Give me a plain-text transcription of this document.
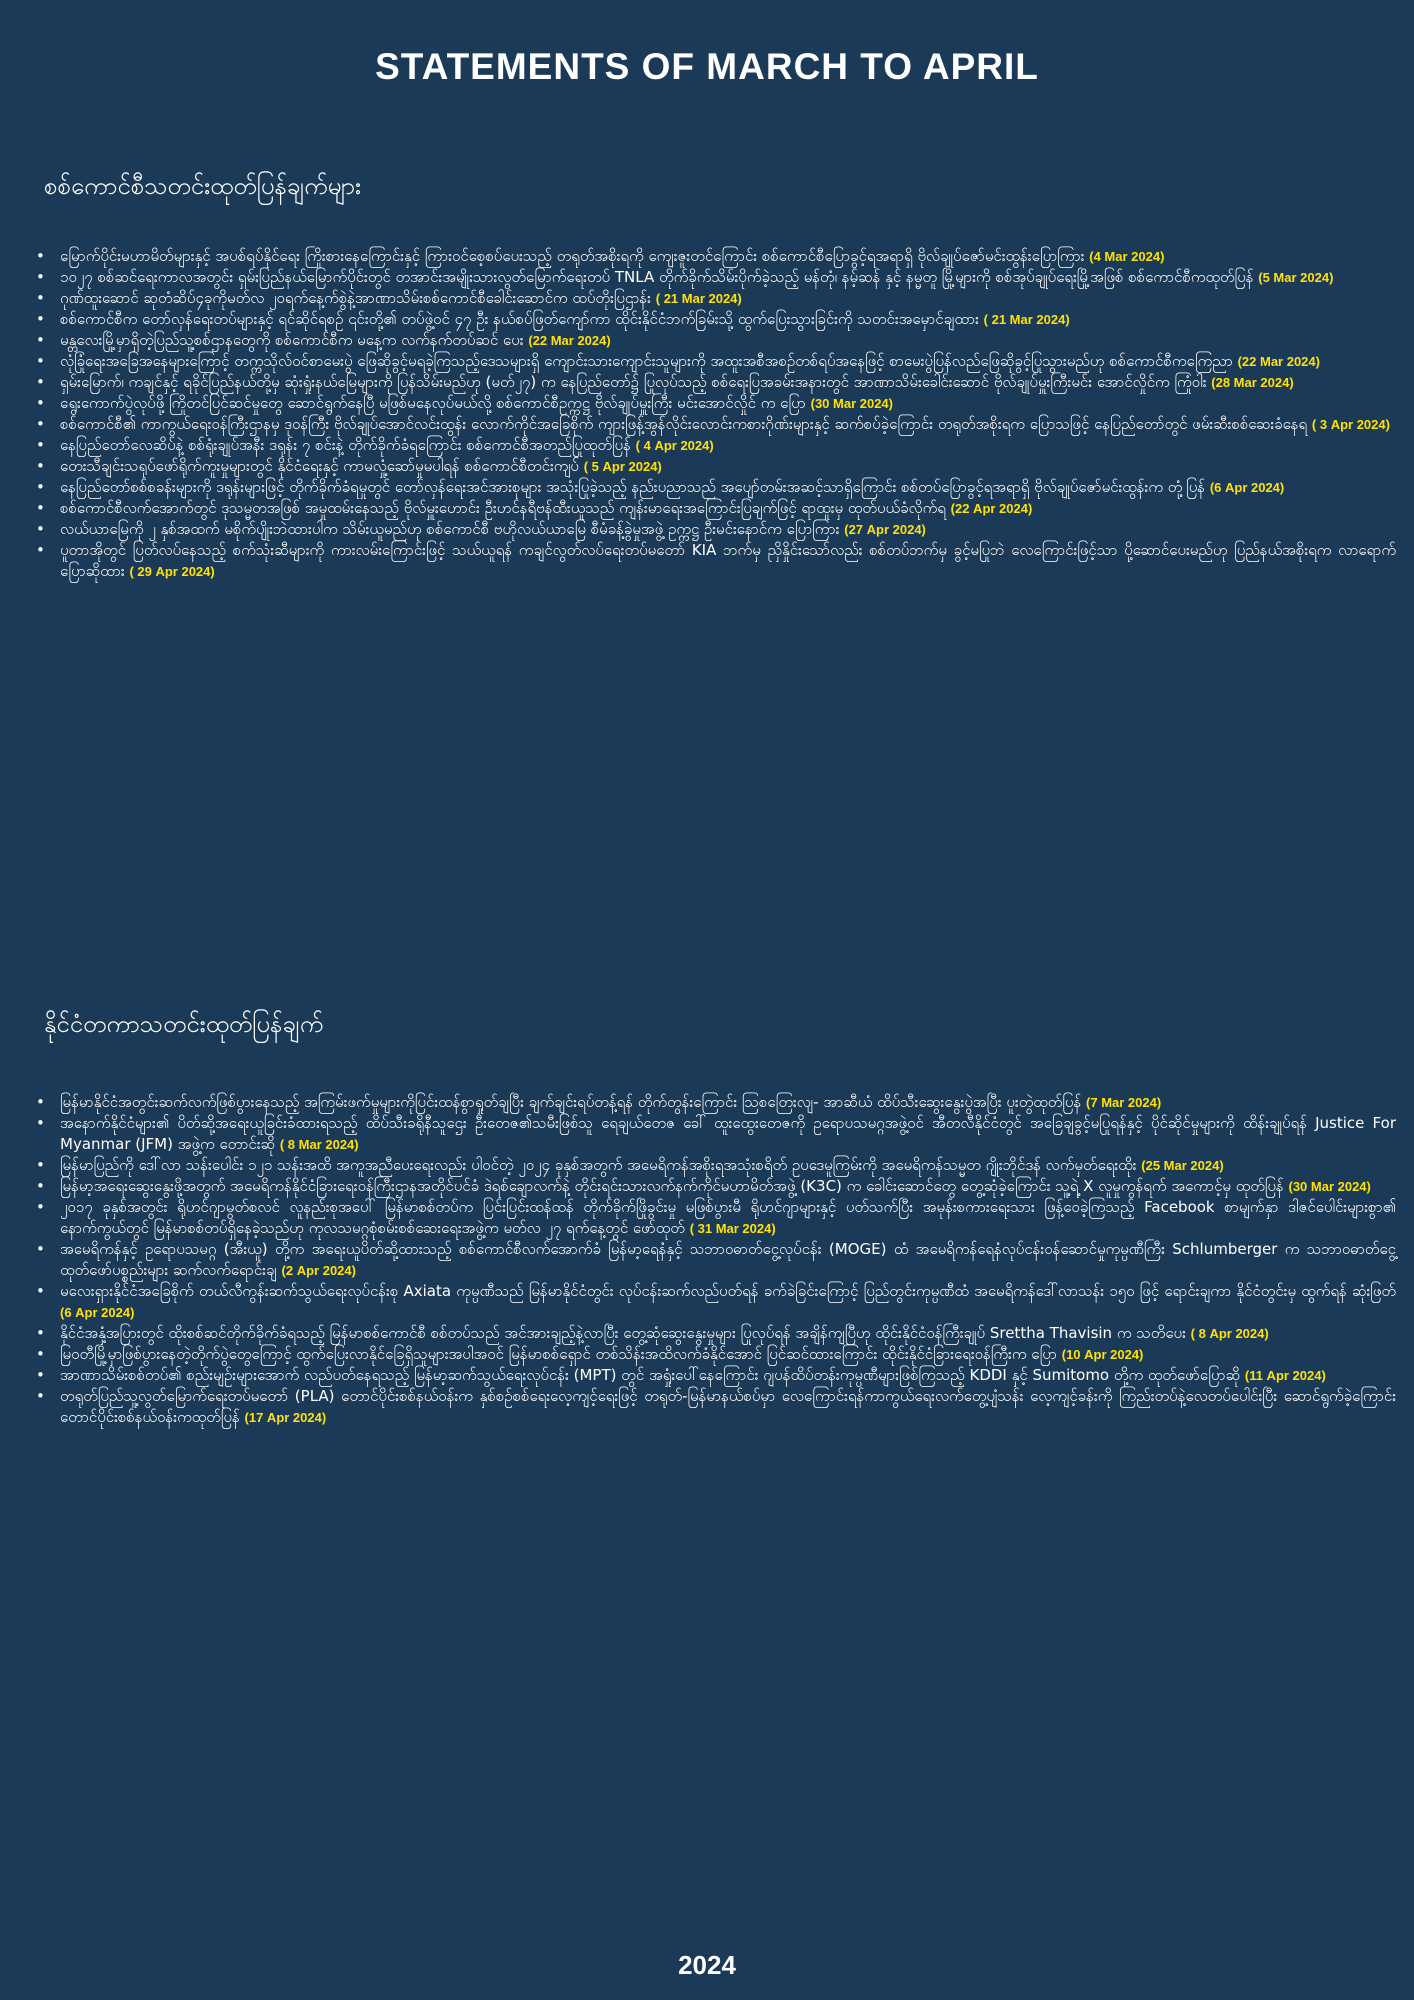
STATEMENTS OF MARCH TO APRIL
စစ်ကောင်စီသတင်းထုတ်ပြန်ချက်များ
• မြောက်ပိုင်းမဟာမိတ်များနှင့် အပစ်ရပ်နိုင်ရေး ကြိုးစားနေကြောင်းနှင့် ကြားဝင်စေ့စပ်ပေးသည့် တရုတ်အစိုးရကို ကျေးဇူးတင်ကြောင်း စစ်ကောင်စီပြောခွင့်ရအရာရှိ ဗိုလ်ချုပ်ဇော်မင်းထွန်းပြောကြား (4 Mar 2024)
• ၁၀၂၇ စစ်ဆင်ရေးကာလအတွင်း ရှမ်းပြည်နယ်မြောက်ပိုင်းတွင် တအာင်းအမျိုးသားလွတ်မြောက်ရေးတပ် TNLA တိုက်ခိုက်သိမ်းပိုက်ခဲ့သည့် မန်တုံ၊ နမ့်ဆန် နှင့် နမ္မတူ မြို့များကို စစ်အုပ်ချုပ်ရေးမြို့အဖြစ် စစ်ကောင်စီကထုတ်ပြန် (5 Mar 2024)
• ဂုဏ်ထူးဆောင် ဆုတံဆိပ်၄ခုကိုမတ်လ ၂၀ရက်နေ့က်စွဲနဲ့အာဏာသိမ်းစစ်ကောင်စီခေါင်းဆောင်က ထပ်တိုးပြဌာန်း ( 21 Mar 2024)
• စစ်ကောင်စီက တော်လှန်ရေးတပ်များနှင့် ရင်ဆိုင်ရစဉ် ၎င်းတို့၏ တပ်ဖွဲ့ဝင် ၄၇ ဦး နယ်စပ်ဖြတ်ကျော်ကာ ထိုင်းနိုင်ငံဘက်ခြမ်းသို့ ထွက်ပြေးသွားခြင်းကို သတင်းအမှောင်ချထား ( 21 Mar 2024)
• မန္တလေးမြို့မှာရှိတဲ့ပြည်သူ့စစ်ဌာနတွေကို စစ်ကောင်စီက မနေ့က လက်နက်တပ်ဆင် ပေး (22 Mar 2024)
• လုံခြုံရေးအခြေအနေများကြောင့် တက္ကသိုလ်ဝင်စာမေးပွဲ ဖြေဆိုခွင့်မရခဲ့ကြသည့်ဒေသများရှိ ကျောင်းသားကျောင်းသူများကို အထူးအစီအစဉ်တစ်ရပ်အနေဖြင့် စာမေးပွဲပြန်လည်ဖြေဆိုခွင့်ပြုသွားမည်ဟု စစ်ကောင်စီကကြေညာ (22 Mar 2024)
• ရှမ်းမြောက်၊ ကချင်နှင့် ရခိုင်ပြည်နယ်တို့မှ ဆုံးရှုံးနယ်မြေများကို ပြန်သိမ်းမည်ဟု (မတ်၂၇) က နေပြည်တော်၌ ပြုလုပ်သည့် စစ်ရေးပြအခမ်းအနားတွင် အာဏာသိမ်းခေါင်းဆောင် ဗိုလ်ချုပ်မှူးကြီးမင်း အောင်လှိုင်က ကြုံဝါး (28 Mar 2024)
• ရွေးကောက်ပွဲလုပ်ဖို့ ကြိုတင်ပြင်ဆင်မှုတွေ ဆောင်ရွက်နေပြီ မဖြစ်မနေလုပ်မယ်လို့ စစ်ကောင်စီဥက္ကဋ္ဌ ဗိုလ်ချုပ်မှူးကြီး မင်းအောင်လှိုင် က ပြော (30 Mar 2024)
• စစ်ကောင်စီ၏ ကာကွယ်ရေးဝန်ကြီးဌာနမှ ဒုဝန်ကြီး ဗိုလ်ချုပ်အောင်လင်းထွန်း လောက်ကိုင်အခြေစိုက် ကျားဖြန့်အွန်လိုင်းလောင်းကစားဂိုဏ်းများနှင့် ဆက်စပ်ခဲ့ကြောင်း တရုတ်အစိုးရက ပြောသဖြင့် နေပြည်တော်တွင် ဖမ်းဆီးစစ်ဆေးခံနေရ ( 3 Apr 2024)
• နေပြည်တော်လေဆိပ်နဲ့ စစ်ရုံးချုပ်အနီး ဒရုန်း ၇ စင်းနဲ့ တိုက်ခိုက်ခံရကြောင်း စစ်ကောင်စီအတည်ပြုထုတ်ပြန် ( 4 Apr 2024)
• တေးသီချင်းသရုပ်ဖော်ရိုက်ကူးမှုများတွင် နိုင်ငံရေးနှင့် ကာမလှုံ့ဆော်မှုမပါရန် စစ်ကောင်စီတင်းကျပ် ( 5 Apr 2024)
• နေပြည်တော်စစ်စခန်းများကို ဒရုန်းများဖြင့် တိုက်ခိုက်ခံရမှုတွင် တော်လှန်ရေးအင်အားစုများ အသုံးပြုခဲ့သည့် နည်းပညာသည် အပျော်တမ်းအဆင့်သာရှိကြောင်း စစ်တပ်ပြောခွင့်ရအရာရှိ ဗိုလ်ချုပ်ဇော်မင်းထွန်းက တုံ့ပြန် (6 Apr 2024)
• စစ်ကောင်စီလက်အောက်တွင် ဒုသမ္မတအဖြစ် အမှုထမ်းနေသည့် ဗိုလ်မှူးဟောင်း ဦးဟင်နရီဗန်ထီးယူသည် ကျန်းမာရေးအကြောင်းပြချက်ဖြင့် ရာထူးမှ ထုတ်ပယ်ခံလိုက်ရ (22 Apr 2024)
• လယ်ယာမြေကို ၂ နှစ်အထက် မစိုက်ပျိုးဘဲထားပါက သိမ်းယူမည်ဟု စစ်ကောင်စီ ဗဟိုလယ်ယာမြေ စီမံခန့်ခွဲမှုအဖွဲ့ ဥက္ကဋ္ဌ ဦးမင်းနောင်က ပြောကြား (27 Apr 2024)
• ပူတာအိုတွင် ပြတ်လပ်နေသည့် စက်သုံးဆီများကို ကားလမ်းကြောင်းဖြင့် သယ်ယူရန် ကချင်လွတ်လပ်ရေးတပ်မတော် KIA ဘက်မှ ညှိနှိုင်းသော်လည်း စစ်တပ်ဘက်မှ ခွင့်မပြုဘဲ လေကြောင်းဖြင့်သာ ပို့ဆောင်ပေးမည်ဟု ပြည်နယ်အစိုးရက လာရောက်ပြောဆိုထား ( 29 Apr 2024)
နိုင်ငံတကာသတင်းထုတ်ပြန်ချက်
• မြန်မာနိုင်ငံအတွင်းဆက်လက်ဖြစ်ပွားနေသည့် အကြမ်းဖက်မှုများကိုပြင်းထန်စွာရှုတ်ချပြီး ချက်ချင်းရပ်တန့်ရန် တိုက်တွန်းကြောင်း သြစတြေးလျ- အာဆီယံ ထိပ်သီးဆွေးနွေးပွဲအပြီး ပူးတွဲထုတ်ပြန် (7 Mar 2024)
• အနောက်နိုင်ငံများ၏ ပိတ်ဆို့အရေးယူခြင်းခံထားရသည့် ထိပ်သီးခရိုနီသူဌေး ဦးတေဇ၏သမီးဖြစ်သူ ရေချယ်တေဇ ခေါ် ထူးထွေးတေဇကို ဥရောပသမဂ္ဂအဖွဲ့ဝင် အီတလီနိုင်ငံတွင် အခြေချခွင့်မပြုရန်နှင့် ပိုင်ဆိုင်မှုများကို ထိန်းချုပ်ရန် Justice For Myanmar (JFM) အဖွဲ့က တောင်းဆို ( 8 Mar 2024)
• မြန်မာပြည်ကို ဒေါ်လာ သန်းပေါင်း ၁၂၁ သန်းအထိ အကူအညီပေးရေးလည်း ပါဝင်တဲ့ ၂၀၂၄ ခုနှစ်အတွက် အမေရိကန်အစိုးရအသုံးစရိတ် ဥပဒေမူကြမ်းကို အမေရိကန်သမ္မတ ဂျိုးဘိုင်ဒန် လက်မှတ်ရေးထိုး (25 Mar 2024)
• မြန်မာ့အရေးဆွေးနွေးဖို့အတွက် အမေရိကန်နိုင်ငံခြားရေးဝန်ကြီးဌာနအတိုင်ပင်ခံ ဒဲရစ်ချောလက်နဲ့ တိုင်းရင်းသားလက်နက်ကိုင်မဟာမိတ်အဖွဲ့ (K3C) က ခေါင်းဆောင်တွေ တွေ့ဆုံခဲ့ကြောင်း သူ့ရဲ့ X လူမှုကွန်ရက် အကောင့်မှ ထုတ်ပြန် (30 Mar 2024)
• ၂၀၁၇ ခုနှစ်အတွင်း ရိုဟင်ဂျာမွတ်စလင် လူနည်းစုအပေါ် မြန်မာစစ်တပ်က ပြင်းပြင်းထန်ထန် တိုက်ခိုက်ဖြိုခွင်းမှု မဖြစ်ပွားမီ ရိုဟင်ဂျာများနှင့် ပတ်သက်ပြီး အမုန်းစကားရေးသား ဖြန့်ဝေခဲ့ကြသည့် Facebook စာမျက်နှာ ဒါဇင်ပေါင်းများစွာ၏ နောက်ကွယ်တွင် မြန်မာစစ်တပ်ရှိနေခဲ့သည်ဟု ကုလသမဂ္ဂစုံစမ်းစစ်ဆေးရေးအဖွဲ့က မတ်လ ၂၇ ရက်နေ့တွင် ဖော်ထုတ် ( 31 Mar 2024)
• အမေရိကန်နှင့် ဥရောပသမဂ္ဂ (အီးယူ) တို့က အရေးယူပိတ်ဆို့ထားသည့် စစ်ကောင်စီလက်အောက်ခံ မြန်မာ့ရေနံနှင့် သဘာဝဓာတ်ငွေ့လုပ်ငန်း (MOGE) ထံ အမေရိကန်ရေနံလုပ်ငန်းဝန်ဆောင်မှုကုမ္ပဏီကြီး Schlumberger က သဘာဝဓာတ်ငွေ့ထုတ်ဖော်ပစ္စည်းများ ဆက်လက်ရောင်းချ (2 Apr 2024)
• မလေးရှားနိုင်ငံအခြေစိုက် တယ်လီကွန်းဆက်သွယ်ရေးလုပ်ငန်းစု Axiata ကုမ္ပဏီသည် မြန်မာနိုင်ငံတွင်း လုပ်ငန်းဆက်လည်ပတ်ရန် ခက်ခဲခြင်းကြောင့် ပြည်တွင်းကုမ္ပဏီထံ အမေရိကန်ဒေါ်လာသန်း ၁၅၀ ဖြင့် ရောင်းချကာ နိုင်ငံတွင်းမှ ထွက်ရန် ဆုံးဖြတ် (6 Apr 2024)
• နိုင်ငံအနှံ့အပြားတွင် ထိုးစစ်ဆင်တိုက်ခိုက်ခံရသည့် မြန်မာစစ်ကောင်စီ စစ်တပ်သည် အင်အားချည့်နဲ့လာပြီး တွေ့ဆုံဆွေးနွေးမှုများ ပြုလုပ်ရန် အချိန်ကျပြီဟု ထိုင်းနိုင်ငံဝန်ကြီးချုပ် Srettha Thavisin က သတိပေး ( 8 Apr 2024)
• မြဝတီမြို့မှာဖြစ်ပွားနေတဲ့တိုက်ပွဲတွေကြောင့် ထွက်ပြေးလာနိုင်ခြေရှိသူများအပါအဝင် မြန်မာစစ်ရှောင် တစ်သိန်းအထိလက်ခံနိုင်အောင် ပြင်ဆင်ထားကြောင်း ထိုင်းနိုင်ငံခြားရေးဝန်ကြီးက ပြော (10 Apr 2024)
• အာဏာသိမ်းစစ်တပ်၏ စည်းမျဉ်းများအောက် လည်ပတ်နေရသည့် မြန်မာ့ဆက်သွယ်ရေးလုပ်ငန်း (MPT) တွင် အရှုံးပေါ်နေကြောင်း ဂျပန်ထိပ်တန်းကုမ္ပဏီများဖြစ်ကြသည့် KDDI နှင့် Sumitomo တို့က ထုတ်ဖော်ပြောဆို (11 Apr 2024)
• တရုတ်ပြည်သူ့လွတ်မြောက်ရေးတပ်မတော် (PLA) တောင်ပိုင်းစစ်နယ်ဝန်းက နှစ်စဉ်စစ်ရေးလေ့ကျင့်ရေးဖြင့် တရုတ်-မြန်မာနယ်စပ်မှာ လေကြောင်းရန်ကာကွယ်ရေးလက်တွေ့ပျံသန်း လေ့ကျင့်ခန်းကို ကြည်းတပ်နဲ့လေတပ်ပေါင်းပြီး ဆောင်ရွက်ခဲ့ကြောင်း တောင်ပိုင်းစစ်နယ်ဝန်းကထုတ်ပြန် (17 Apr 2024)
2024
